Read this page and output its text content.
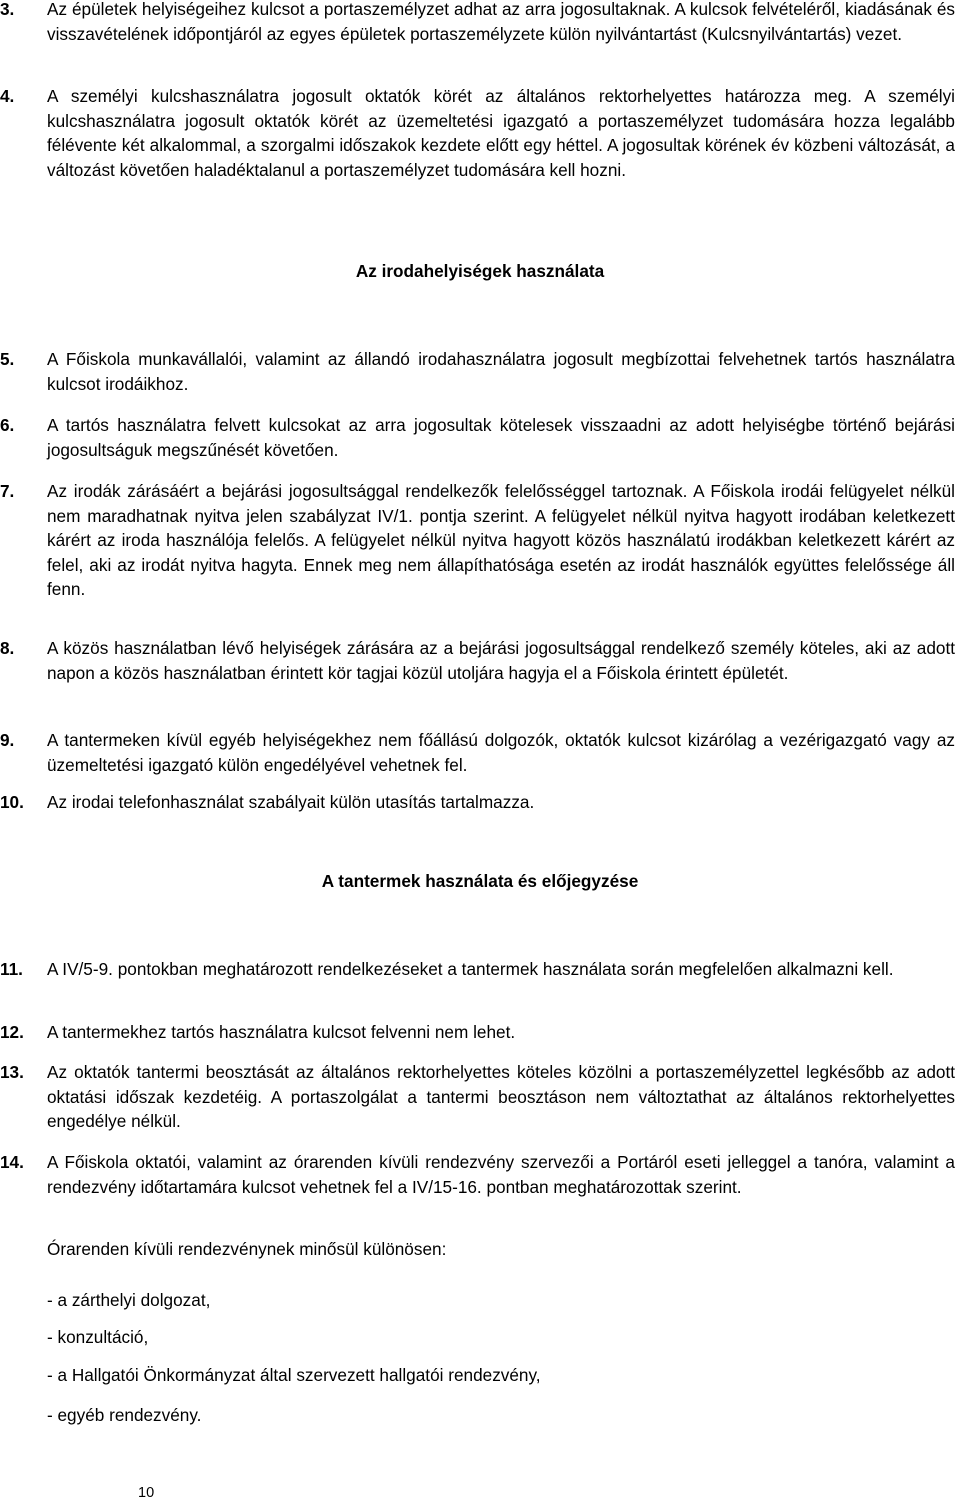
3. Az épületek helyiségeihez kulcsot a portaszemélyzet adhat az arra jogosultaknak. A kulcsok felvételéről, kiadásának és visszavételének időpontjáról az egyes épületek portaszemélyzete külön nyilvántartást (Kulcsnyilvántartás) vezet.
4. A személyi kulcshasználatra jogosult oktatók körét az általános rektorhelyettes határozza meg. A személyi kulcshasználatra jogosult oktatók körét az üzemeltetési igazgató a portaszemélyzet tudomására hozza legalább félévente két alkalommal, a szorgalmi időszakok kezdete előtt egy héttel. A jogosultak körének év közbeni változását, a változást követően haladéktalanul a portaszemélyzet tudomására kell hozni.
Az irodahelyiségek használata
5. A Főiskola munkavállalói, valamint az állandó irodahasználatra jogosult megbízottai felvehetnek tartós használatra kulcsot irodáikhoz.
6. A tartós használatra felvett kulcsokat az arra jogosultak kötelesek visszaadni az adott helyiségbe történő bejárási jogosultságuk megszűnését követően.
7. Az irodák zárásáért a bejárási jogosultsággal rendelkezők felelősséggel tartoznak. A Főiskola irodái felügyelet nélkül nem maradhatnak nyitva jelen szabályzat IV/1. pontja szerint. A felügyelet nélkül nyitva hagyott irodában keletkezett kárért az iroda használója felelős. A felügyelet nélkül nyitva hagyott közös használatú irodákban keletkezett kárért az felel, aki az irodát nyitva hagyta. Ennek meg nem állapíthatósága esetén az irodát használók együttes felelőssége áll fenn.
8. A közös használatban lévő helyiségek zárására az a bejárási jogosultsággal rendelkező személy köteles, aki az adott napon a közös használatban érintett kör tagjai közül utoljára hagyja el a Főiskola érintett épületét.
9. A tantermeken kívül egyéb helyiségekhez nem főállású dolgozók, oktatók kulcsot kizárólag a vezérigazgató vagy az üzemeltetési igazgató külön engedélyével vehetnek fel.
10. Az irodai telefonhasználat szabályait külön utasítás tartalmazza.
A tantermek használata és előjegyzése
11. A IV/5-9. pontokban meghatározott rendelkezéseket a tantermek használata során megfelelően alkalmazni kell.
12. A tantermekhez tartós használatra kulcsot felvenni nem lehet.
13. Az oktatók tantermi beosztását az általános rektorhelyettes köteles közölni a portaszemélyzettel legkésőbb az adott oktatási időszak kezdetéig. A portaszolgálat a tantermi beosztáson nem változtathat az általános rektorhelyettes engedélye nélkül.
14. A Főiskola oktatói, valamint az órarenden kívüli rendezvény szervezői a Portáról eseti jelleggel a tanóra, valamint a rendezvény időtartamára kulcsot vehetnek fel a IV/15-16. pontban meghatározottak szerint.
Órarenden kívüli rendezvénynek minősül különösen:
- a zárthelyi dolgozat,
- konzultáció,
- a Hallgatói Önkormányzat által szervezett hallgatói rendezvény,
- egyéb rendezvény.
10
